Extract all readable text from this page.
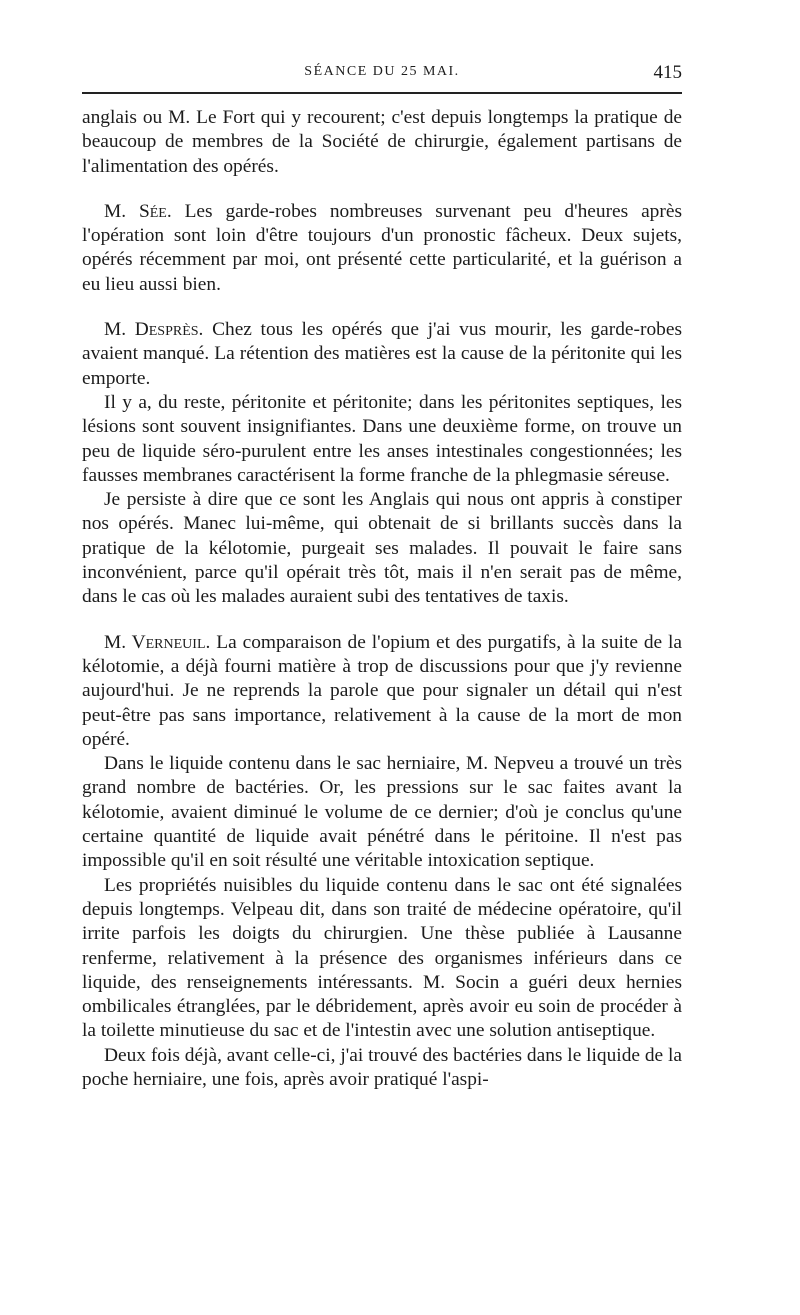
SÉANCE DU 25 MAI.	415

anglais ou M. Le Fort qui y recourent; c'est depuis longtemps la pratique de beaucoup de membres de la Société de chirurgie, également partisans de l'alimentation des opérés.

M. Sée. Les garde-robes nombreuses survenant peu d'heures après l'opération sont loin d'être toujours d'un pronostic fâcheux. Deux sujets, opérés récemment par moi, ont présenté cette particularité, et la guérison a eu lieu aussi bien.

M. Desprès. Chez tous les opérés que j'ai vus mourir, les garde-robes avaient manqué. La rétention des matières est la cause de la péritonite qui les emporte.

Il y a, du reste, péritonite et péritonite; dans les péritonites septiques, les lésions sont souvent insignifiantes. Dans une deuxième forme, on trouve un peu de liquide séro-purulent entre les anses intestinales congestionnées; les fausses membranes caractérisent la forme franche de la phlegmasie séreuse.

Je persiste à dire que ce sont les Anglais qui nous ont appris à constiper nos opérés. Manec lui-même, qui obtenait de si brillants succès dans la pratique de la kélotomie, purgeait ses malades. Il pouvait le faire sans inconvénient, parce qu'il opérait très tôt, mais il n'en serait pas de même, dans le cas où les malades auraient subi des tentatives de taxis.

M. Verneuil. La comparaison de l'opium et des purgatifs, à la suite de la kélotomie, a déjà fourni matière à trop de discussions pour que j'y revienne aujourd'hui. Je ne reprends la parole que pour signaler un détail qui n'est peut-être pas sans importance, relativement à la cause de la mort de mon opéré.

Dans le liquide contenu dans le sac herniaire, M. Nepveu a trouvé un très grand nombre de bactéries. Or, les pressions sur le sac faites avant la kélotomie, avaient diminué le volume de ce dernier; d'où je conclus qu'une certaine quantité de liquide avait pénétré dans le péritoine. Il n'est pas impossible qu'il en soit résulté une véritable intoxication septique.

Les propriétés nuisibles du liquide contenu dans le sac ont été signalées depuis longtemps. Velpeau dit, dans son traité de médecine opératoire, qu'il irrite parfois les doigts du chirurgien. Une thèse publiée à Lausanne renferme, relativement à la présence des organismes inférieurs dans ce liquide, des renseignements intéressants. M. Socin a guéri deux hernies ombilicales étranglées, par le débridement, après avoir eu soin de procéder à la toilette minutieuse du sac et de l'intestin avec une solution antiseptique.

Deux fois déjà, avant celle-ci, j'ai trouvé des bactéries dans le liquide de la poche herniaire, une fois, après avoir pratiqué l'aspi-
